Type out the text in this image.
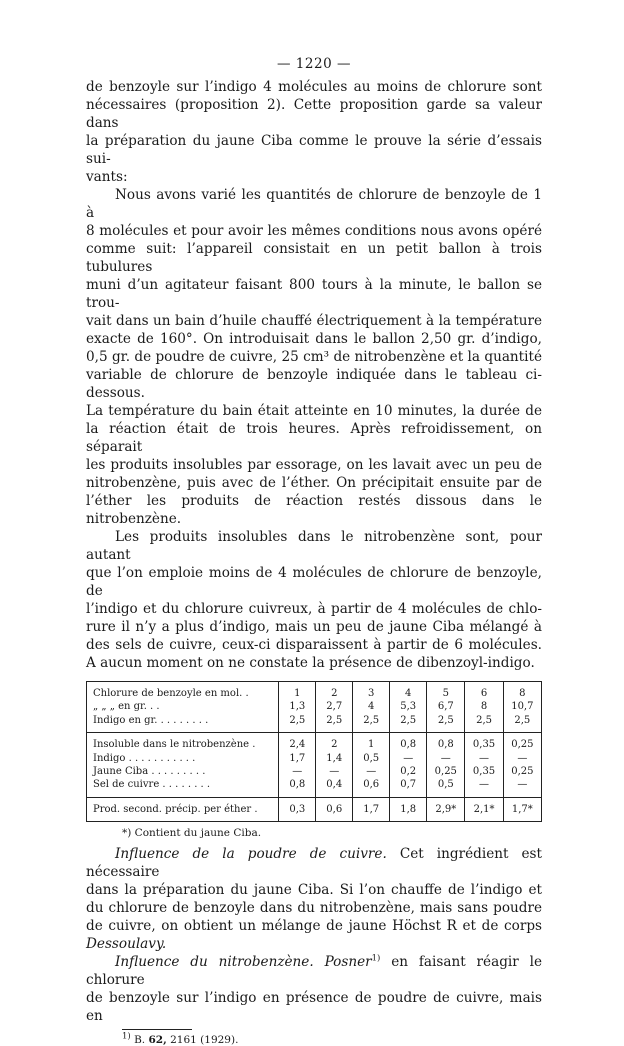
— 1220 —

de benzoyle sur l’indigo 4 molécules au moins de chlorure sont

nécessaires (proposition 2). Cette proposition garde sa valeur dans

la préparation du jaune Ciba comme le prouve la série d’essais sui-

vants:

Nous avons varié les quantités de chlorure de benzoyle de 1 à

8 molécules et pour avoir les mêmes conditions nous avons opéré

comme suit: l’appareil consistait en un petit ballon à trois tubulures

muni d’un agitateur faisant 800 tours à la minute, le ballon se trou-

vait dans un bain d’huile chauffé électriquement à la température

exacte de 160°. On introduisait dans le ballon 2,50 gr. d’indigo,

0,5 gr. de poudre de cuivre, 25 cm³ de nitrobenzène et la quantité

variable de chlorure de benzoyle indiquée dans le tableau ci-dessous.

La température du bain était atteinte en 10 minutes, la durée de

la réaction était de trois heures. Après refroidissement, on séparait

les produits insolubles par essorage, on les lavait avec un peu de

nitrobenzène, puis avec de l’éther. On précipitait ensuite par de

l’éther les produits de réaction restés dissous dans le nitrobenzène.

Les produits insolubles dans le nitrobenzène sont, pour autant

que l’on emploie moins de 4 molécules de chlorure de benzoyle, de

l’indigo et du chlorure cuivreux, à partir de 4 molécules de chlo-

rure il n’y a plus d’indigo, mais un peu de jaune Ciba mélangé à

des sels de cuivre, ceux-ci disparaissent à partir de 6 molécules.

A aucun moment on ne constate la présence de dibenzoyl-indigo.

Chlorure de benzoyle en mol. .	1	2	3	4	5	6	8
„ „ „ en gr. . .	1,3	2,7	4	5,3	6,7	8	10,7
Indigo en gr. . . . . . . . .	2,5	2,5	2,5	2,5	2,5	2,5	2,5
Insoluble dans le nitrobenzène .	2,4	2	1	0,8	0,8	0,35	0,25
Indigo . . . . . . . . . . .	1,7	1,4	0,5	—	—	—	—
Jaune Ciba . . . . . . . . .	—	—	—	0,2	0,25	0,35	0,25
Sel de cuivre . . . . . . . .	0,8	0,4	0,6	0,7	0,5	—	—
Prod. second. précip. per éther .	0,3	0,6	1,7	1,8	2,9*	2,1*	1,7*
*) Contient du jaune Ciba.

Influence de la poudre de cuivre. Cet ingrédient est nécessaire

dans la préparation du jaune Ciba. Si l’on chauffe de l’indigo et

du chlorure de benzoyle dans du nitrobenzène, mais sans poudre

de cuivre, on obtient un mélange de jaune Höchst R et de corps

Dessoulavy.

Influence du nitrobenzène. Posner$^{1)}$ en faisant réagir le chlorure

de benzoyle sur l’indigo en présence de poudre de cuivre, mais en

$^{1)}$ B. 62, 2161 (1929).
